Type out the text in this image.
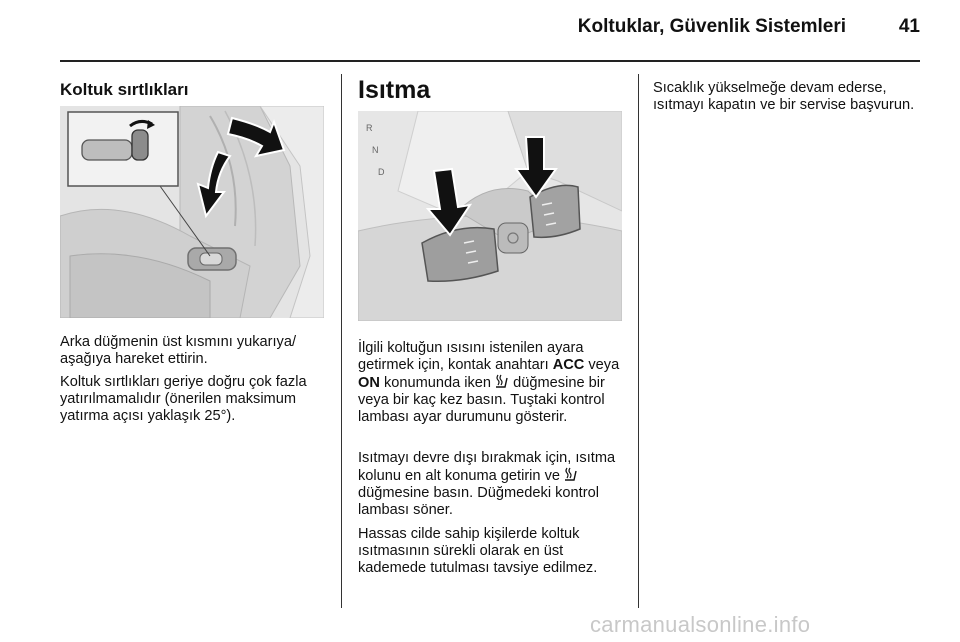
Koltuklar, Güvenlik Sistemleri	41
Koltuk sırtlıkları

Arka düğmenin üst kısmını yukarıya/ aşağıya hareket ettirin.

Koltuk sırtlıkları geriye doğru çok fazla yatırılmamalıdır (önerilen maksimum yatırma açısı yaklaşık 25°).

Isıtma
R
N
D

İlgili koltuğun ısısını istenilen ayara getirmek için, kontak anahtarı ACC veya ON konumunda iken  düğmesine bir veya bir kaç kez basın. Tuştaki kontrol lambası ayar durumunu gösterir.

Isıtmayı devre dışı bırakmak için, ısıtma kolunu en alt konuma getirin ve  düğmesine basın. Düğmedeki kontrol lambası söner.

Hassas cilde sahip kişilerde koltuk ısıtmasının sürekli olarak en üst kademede tutulması tavsiye edilmez.

Sıcaklık yükselmeğe devam ederse, ısıtmayı kapatın ve bir servise başvurun.

carmanualsonline.info
